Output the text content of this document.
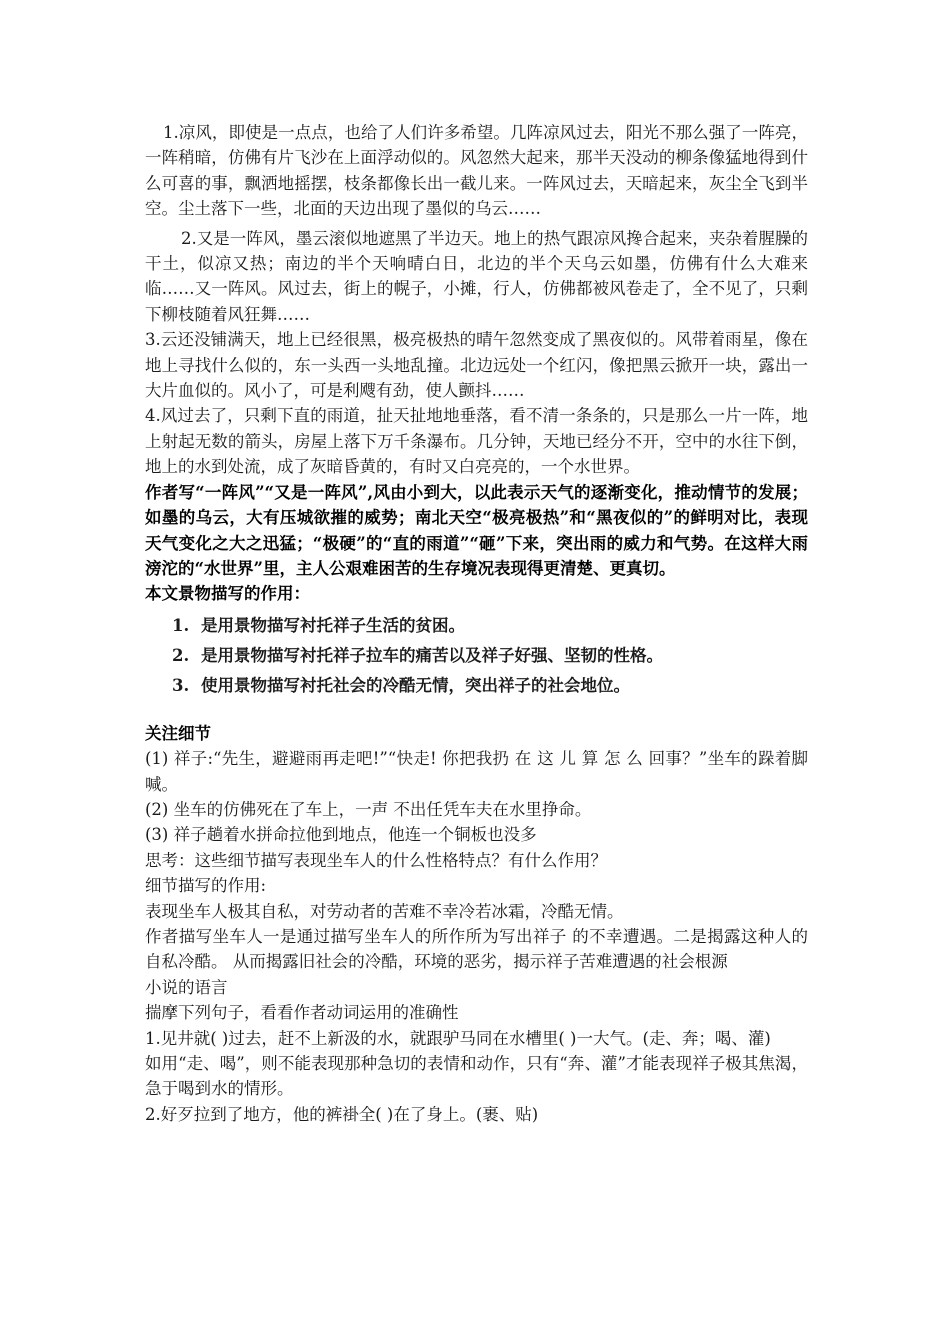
1.凉风，即使是一点点，也给了人们许多希望。几阵凉风过去，阳光不那么强了一阵亮，一阵稍暗，仿佛有片飞沙在上面浮动似的。风忽然大起来，那半天没动的柳条像猛地得到什么可喜的事，飘洒地摇摆，枝条都像长出一截儿来。一阵风过去，天暗起来，灰尘全飞到半空。尘土落下一些，北面的天边出现了墨似的乌云……

2.又是一阵风，墨云滚似地遮黑了半边天。地上的热气跟凉风搀合起来，夹杂着腥臊的干土，似凉又热；南边的半个天响晴白日，北边的半个天乌云如墨，仿佛有什么大难来临……又一阵风。风过去，街上的幌子，小摊，行人，仿佛都被风卷走了，全不见了，只剩下柳枝随着风狂舞……

3.云还没铺满天，地上已经很黑，极亮极热的晴午忽然变成了黑夜似的。风带着雨星，像在地上寻找什么似的，东一头西一头地乱撞。北边远处一个红闪，像把黑云掀开一块，露出一大片血似的。风小了，可是利飕有劲，使人颤抖……

4.风过去了，只剩下直的雨道，扯天扯地地垂落，看不清一条条的，只是那么一片一阵，地上射起无数的箭头，房屋上落下万千条瀑布。几分钟，天地已经分不开，空中的水往下倒，地上的水到处流，成了灰暗昏黄的，有时又白亮亮的，一个水世界。

作者写“一阵风”“又是一阵风”,风由小到大，以此表示天气的逐渐变化，推动情节的发展；如墨的乌云，大有压城欲摧的威势；南北天空“极亮极热”和“黑夜似的”的鲜明对比，表现天气变化之大之迅猛；“极硬”的“直的雨道”“砸”下来，突出雨的威力和气势。在这样大雨滂沱的“水世界”里，主人公艰难困苦的生存境况表现得更清楚、更真切。

本文景物描写的作用：

1. 是用景物描写衬托祥子生活的贫困。
2. 是用景物描写衬托祥子拉车的痛苦以及祥子好强、坚韧的性格。
3. 使用景物描写衬托社会的冷酷无情，突出祥子的社会地位。

关注细节

(1) 祥子:“先生，避避雨再走吧!”“快走! 你把我扔 在 这 儿 算 怎 么 回事？”坐车的跺着脚喊。

(2) 坐车的仿佛死在了车上，一声 不出任凭车夫在水里挣命。

(3) 祥子趟着水拼命拉他到地点，他连一个铜板也没多

思考：这些细节描写表现坐车人的什么性格特点？有什么作用？

细节描写的作用:

表现坐车人极其自私，对劳动者的苦难不幸冷若冰霜，冷酷无情。

作者描写坐车人一是通过描写坐车人的所作所为写出祥子 的不幸遭遇。二是揭露这种人的自私冷酷。 从而揭露旧社会的冷酷，环境的恶劣，揭示祥子苦难遭遇的社会根源

小说的语言

揣摩下列句子，看看作者动词运用的准确性

1.见井就( )过去，赶不上新汲的水，就跟驴马同在水槽里( )一大气。(走、奔；喝、灌)

如用“走、喝”，则不能表现那种急切的表情和动作，只有“奔、灌”才能表现祥子极其焦渴，急于喝到水的情形。

2.好歹拉到了地方，他的裤褂全( )在了身上。(裹、贴)
